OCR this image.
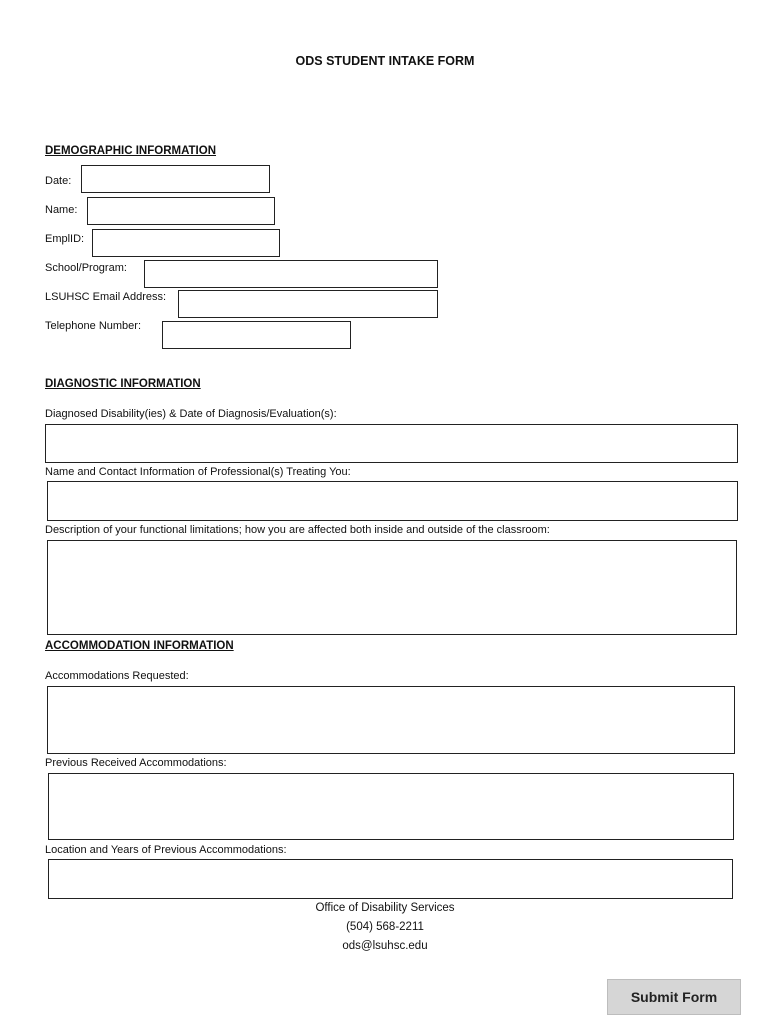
ODS STUDENT INTAKE FORM
DEMOGRAPHIC INFORMATION
Date:
Name:
EmplID:
School/Program:
LSUHSC Email Address:
Telephone Number:
DIAGNOSTIC INFORMATION
Diagnosed Disability(ies) & Date of Diagnosis/Evaluation(s):
Name and Contact Information of Professional(s) Treating You:
Description of your functional limitations; how you are affected both inside and outside of the classroom:
ACCOMMODATION INFORMATION
Accommodations Requested:
Previous Received Accommodations:
Location and Years of Previous Accommodations:
Office of Disability Services
(504) 568-2211
ods@lsuhsc.edu
Submit Form
